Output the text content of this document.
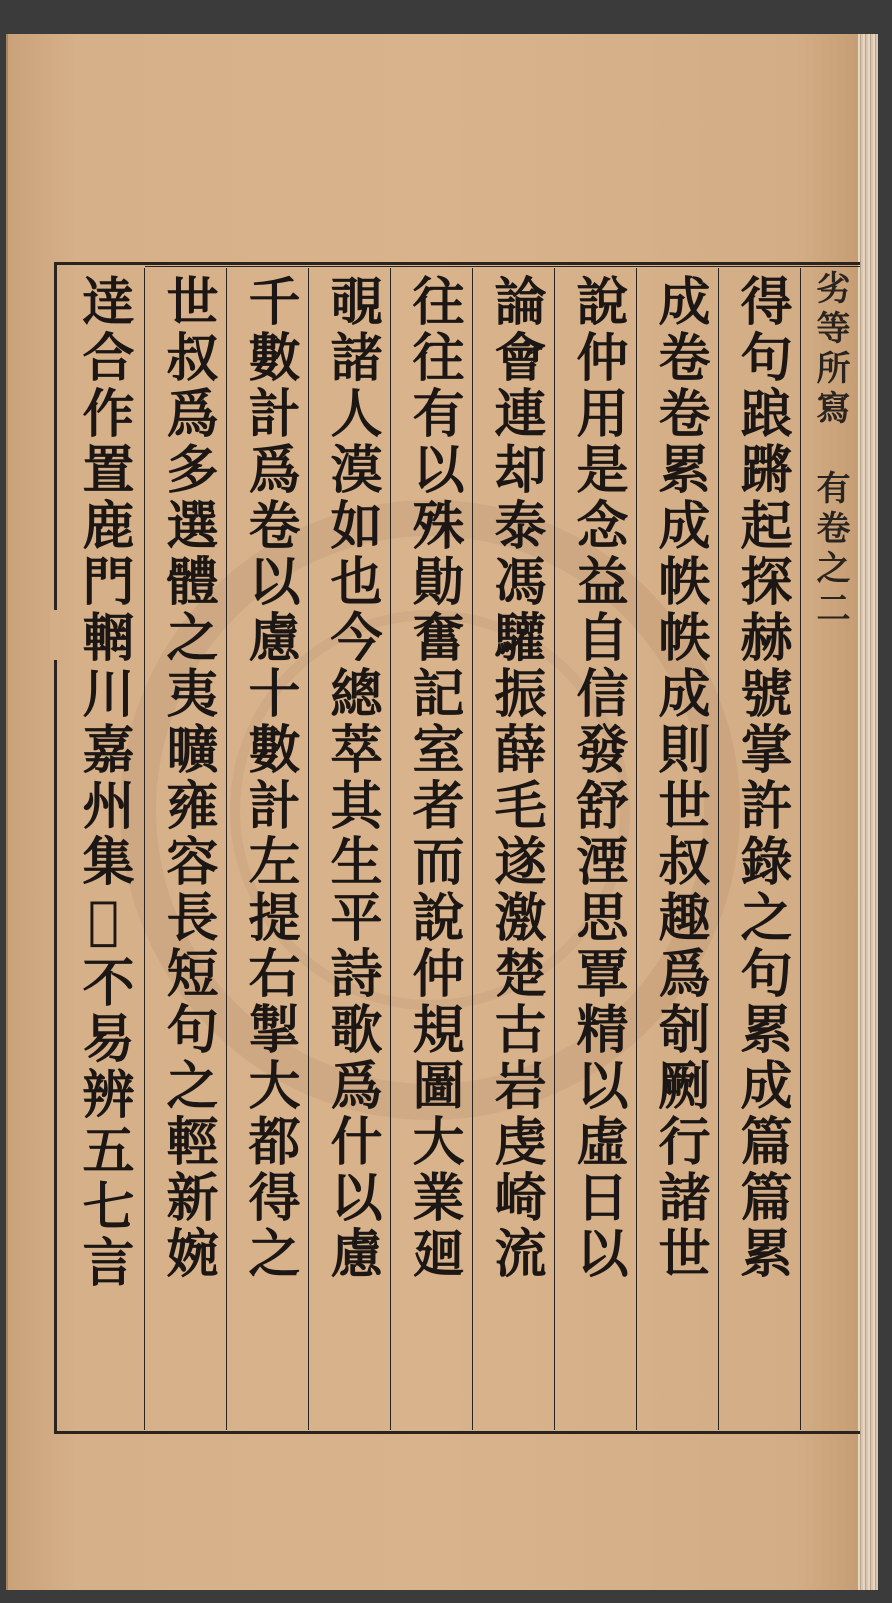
劣等所寫　有卷之二
得句踉蹡起探赫號掌許錄之句累成篇篇累
成卷卷累成帙帙成則世叔趣爲剞劂行諸世
說仲用是念益自信發舒湮思覃精以虛日以
論會連却泰馮驩振薛毛遂激楚古岩虔崎流
往往有以殊勛奮記室者而說仲規圖大業廻
覗諸人漠如也今總萃其生平詩歌爲什以慮
千數計爲卷以慮十數計左提右掣大都得之
世叔爲多選體之夷曠雍容長短句之輕新婉
逹合作置鹿門輞川嘉州集𥨊不易辨五七言
